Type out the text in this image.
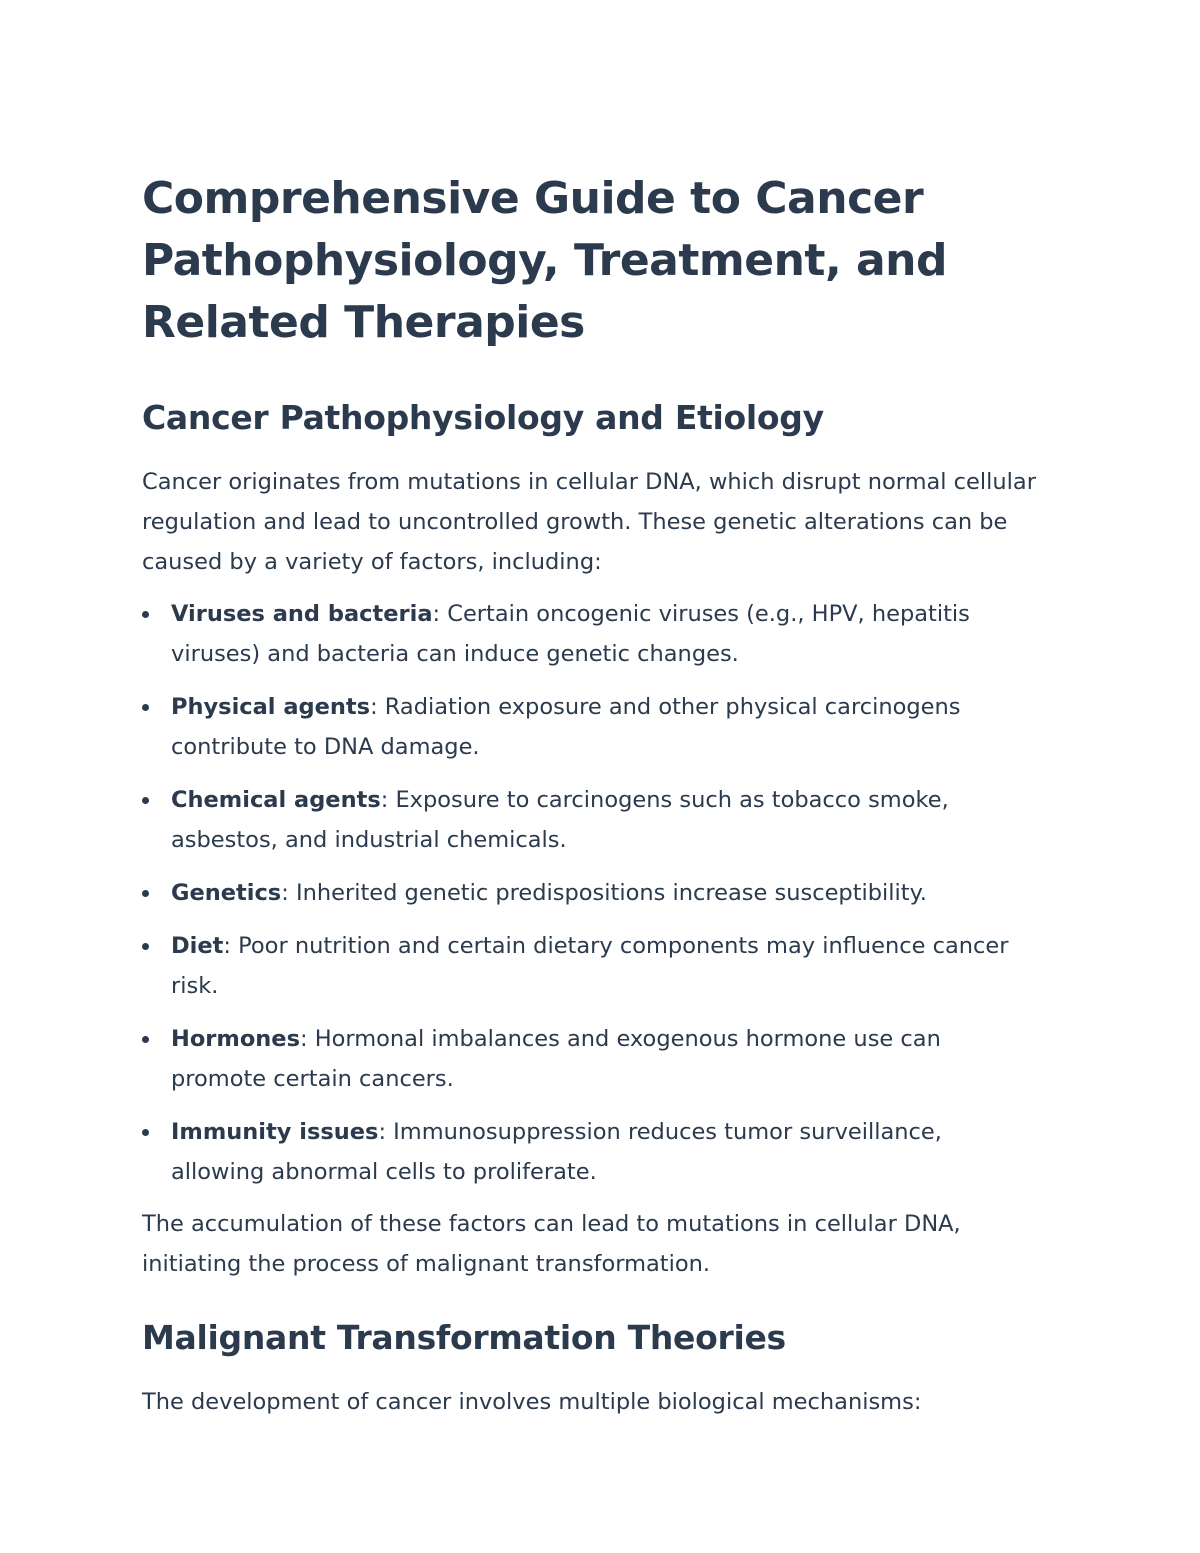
Comprehensive Guide to Cancer Pathophysiology, Treatment, and Related Therapies
Cancer Pathophysiology and Etiology

Cancer originates from mutations in cellular DNA, which disrupt normal cellular regulation and lead to uncontrolled growth. These genetic alterations can be caused by a variety of factors, including:

Viruses and bacteria: Certain oncogenic viruses (e.g., HPV, hepatitis viruses) and bacteria can induce genetic changes.
Physical agents: Radiation exposure and other physical carcinogens contribute to DNA damage.
Chemical agents: Exposure to carcinogens such as tobacco smoke, asbestos, and industrial chemicals.
Genetics: Inherited genetic predispositions increase susceptibility.
Diet: Poor nutrition and certain dietary components may influence cancer risk.
Hormones: Hormonal imbalances and exogenous hormone use can promote certain cancers.
Immunity issues: Immunosuppression reduces tumor surveillance, allowing abnormal cells to proliferate.

The accumulation of these factors can lead to mutations in cellular DNA, initiating the process of malignant transformation.

Malignant Transformation Theories

The development of cancer involves multiple biological mechanisms:
